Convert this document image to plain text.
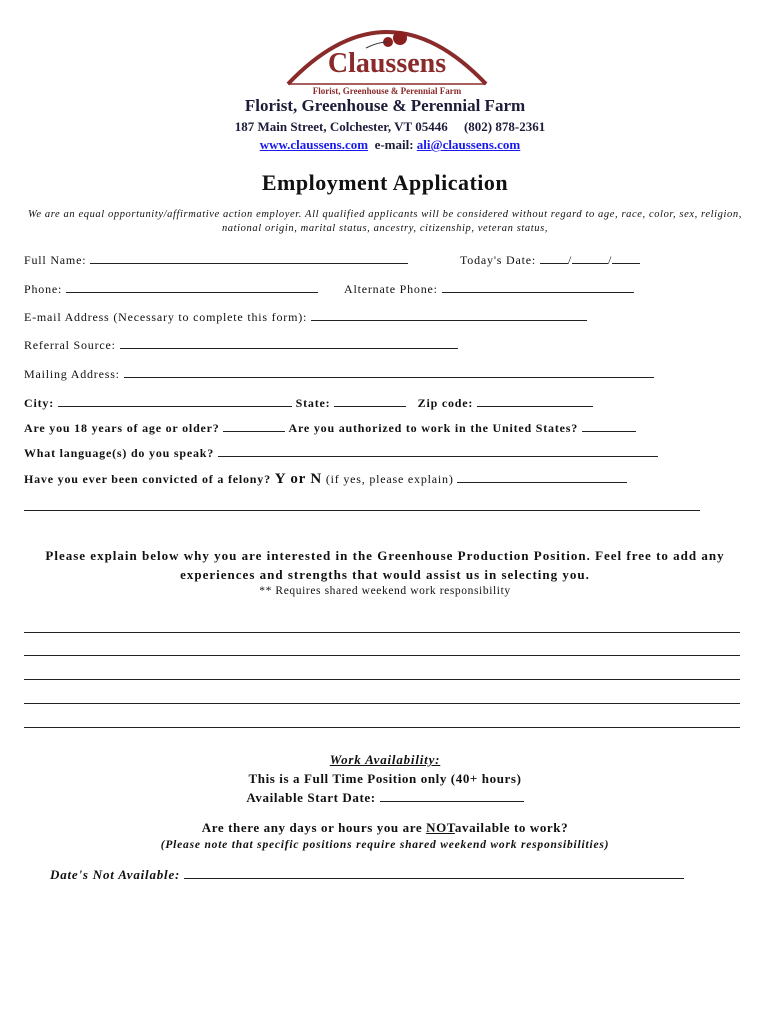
Claussens
Florist, Greenhouse & Perennial Farm
Florist, Greenhouse & Perennial Farm
187 Main Street, Colchester, VT 05446 (802) 878-2361
www.claussens.com e-mail: ali@claussens.com
Employment Application
We are an equal opportunity/affirmative action employer. All qualified applicants will be considered without regard to age, race, color, sex, religion, national origin, marital status, ancestry, citizenship, veteran status,
Full Name:	Today's Date:	/	/
Phone:	Alternate Phone:
E-mail Address (Necessary to complete this form):
Referral Source:
Mailing Address:
City:	State:	Zip code:
Are you 18 years of age or older?	Are you authorized to work in the United States?
What language(s) do you speak?
Have you ever been convicted of a felony? Y or N (if yes, please explain)
Please explain below why you are interested in the Greenhouse Production Position. Feel free to add any experiences and strengths that would assist us in selecting you.
** Requires shared weekend work responsibility
Work Availability:
This is a Full Time Position only (40+ hours)
Available Start Date:
Are there any days or hours you are NOTavailable to work?
(Please note that specific positions require shared weekend work responsibilities)
Date's Not Available:
